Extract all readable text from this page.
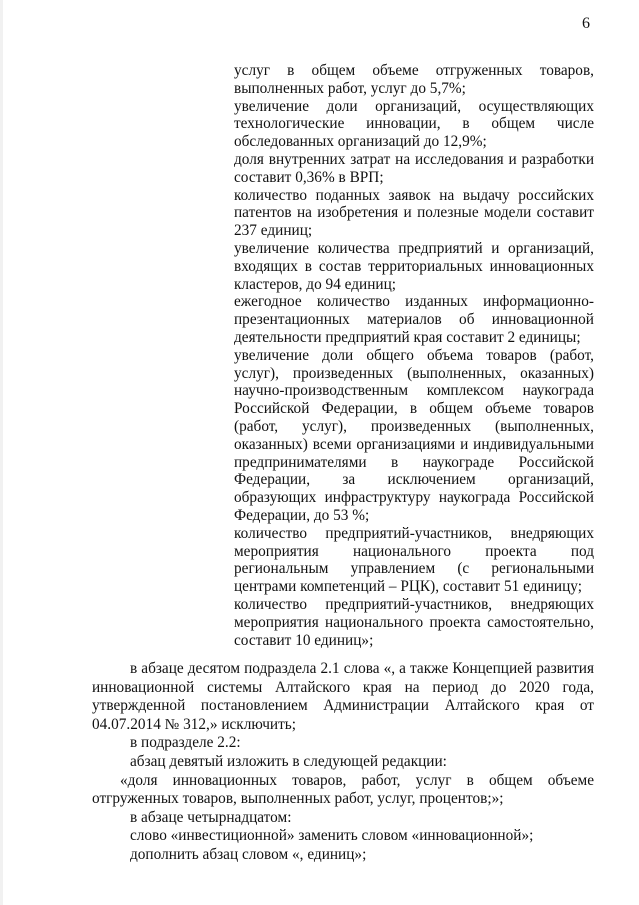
6

услуг в общем объеме отгруженных товаров, выполненных работ, услуг до 5,7%;

увеличение доли организаций, осуществляющих технологические инновации, в общем числе обследованных организаций до 12,9%;

доля внутренних затрат на исследования и разработки составит 0,36% в ВРП;

количество поданных заявок на выдачу российских патентов на изобретения и полезные модели составит 237 единиц;

увеличение количества предприятий и организаций, входящих в состав территориальных инновационных кластеров, до 94 единиц;

ежегодное количество изданных информационно-презентационных материалов об инновационной деятельности предприятий края составит 2 единицы;

увеличение доли общего объема товаров (работ, услуг), произведенных (выполненных, оказанных) научно-производственным комплексом наукограда Российской Федерации, в общем объеме товаров (работ, услуг), произведенных (выполненных, оказанных) всеми организациями и индивидуальными предпринимателями в наукограде Российской Федерации, за исключением организаций, образующих инфраструктуру наукограда Российской Федерации, до 53 %;

количество предприятий-участников, внедряющих мероприятия национального проекта под региональным управлением (с региональными центрами компетенций – РЦК), составит 51 единицу;

количество предприятий-участников, внедряющих мероприятия национального проекта самостоятельно, составит 10 единиц»;

в абзаце десятом подраздела 2.1 слова «, а также Концепцией развития инновационной системы Алтайского края на период до 2020 года, утвержденной постановлением Администрации Алтайского края от 04.07.2014 № 312,» исключить;

в подразделе 2.2:

абзац девятый изложить в следующей редакции:

«доля инновационных товаров, работ, услуг в общем объеме отгруженных товаров, выполненных работ, услуг, процентов;»;

в абзаце четырнадцатом:

слово «инвестиционной» заменить словом «инновационной»;

дополнить абзац словом «, единиц»;
